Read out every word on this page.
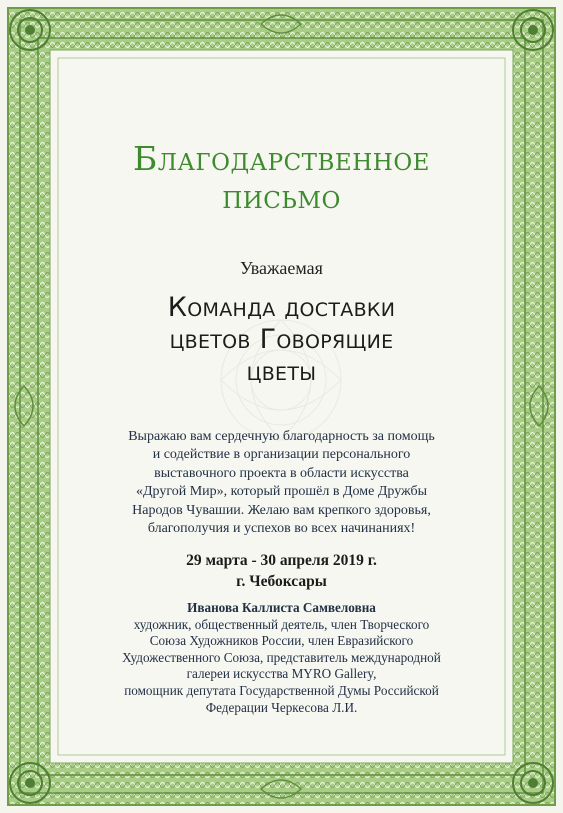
Благодарственное
письмо
Уважаемая
Команда доставки
цветов Говорящие
цветы
Выражаю вам сердечную благодарность за помощь
и содействие в организации персонального
выставочного проекта в области искусства
«Другой Мир», который прошёл в Доме Дружбы
Народов Чувашии. Желаю вам крепкого здоровья,
благополучия и успехов во всех начинаниях!
29 марта - 30 апреля 2019 г.
г. Чебоксары
Иванова Каллиста Самвеловна
художник, общественный деятель, член Творческого
Союза Художников России, член Евразийского
Художественного Союза, представитель международной
галереи искусства MYRO Gallery,
помощник депутата Государственной Думы Российской
Федерации Черкесова Л.И.
